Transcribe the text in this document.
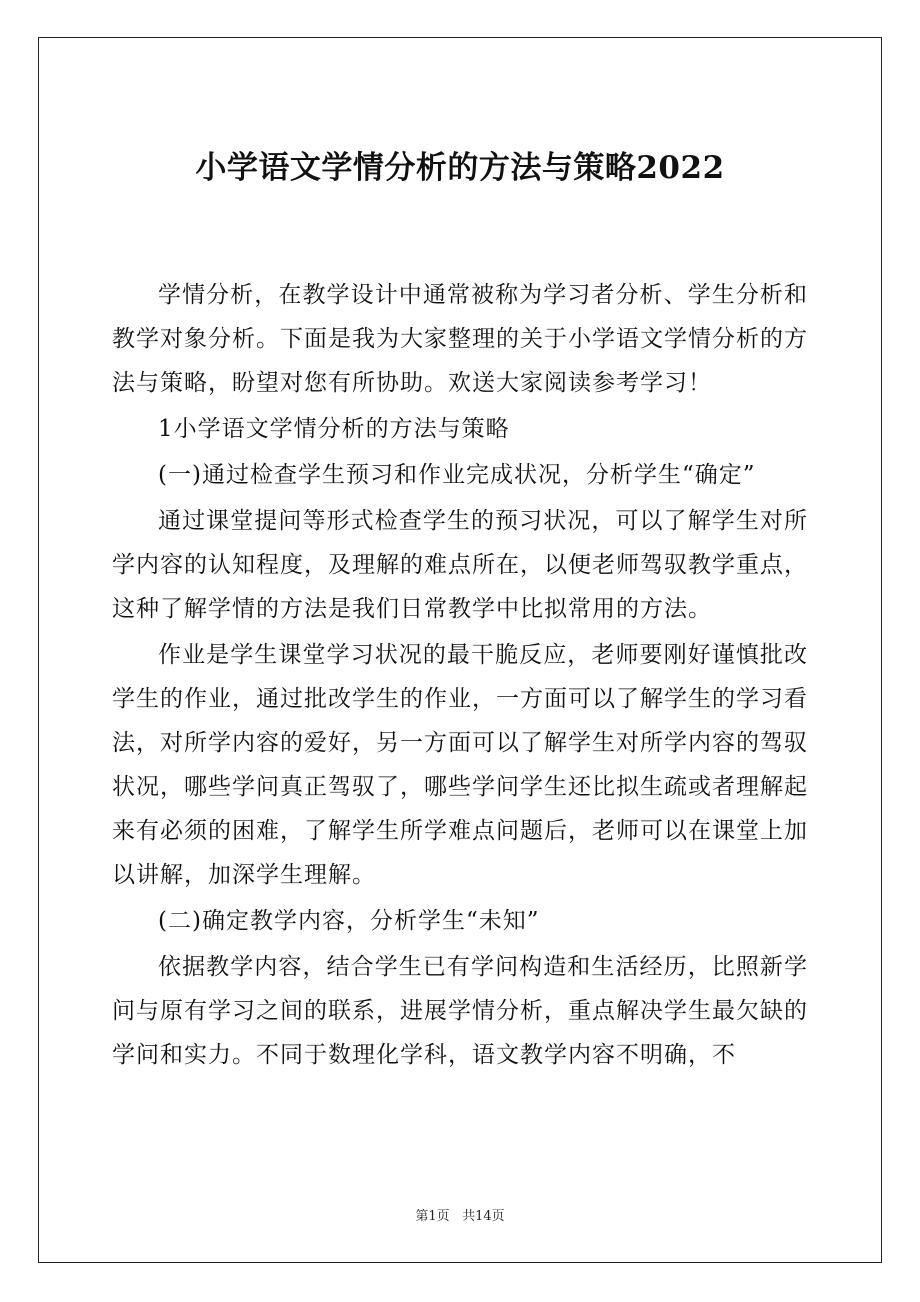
小学语文学情分析的方法与策略2022

学情分析，在教学设计中通常被称为学习者分析、学生分析和教学对象分析。下面是我为大家整理的关于小学语文学情分析的方法与策略，盼望对您有所协助。欢送大家阅读参考学习！

1小学语文学情分析的方法与策略

(一)通过检查学生预习和作业完成状况，分析学生“确定”

通过课堂提问等形式检查学生的预习状况，可以了解学生对所学内容的认知程度，及理解的难点所在，以便老师驾驭教学重点，这种了解学情的方法是我们日常教学中比拟常用的方法。

作业是学生课堂学习状况的最干脆反应，老师要刚好谨慎批改学生的作业，通过批改学生的作业，一方面可以了解学生的学习看法，对所学内容的爱好，另一方面可以了解学生对所学内容的驾驭状况，哪些学问真正驾驭了，哪些学问学生还比拟生疏或者理解起来有必须的困难，了解学生所学难点问题后，老师可以在课堂上加以讲解，加深学生理解。

(二)确定教学内容，分析学生“未知”

依据教学内容，结合学生已有学问构造和生活经历，比照新学问与原有学习之间的联系，进展学情分析，重点解决学生最欠缺的学问和实力。不同于数理化学科，语文教学内容不明确，不

第1页 共14页
